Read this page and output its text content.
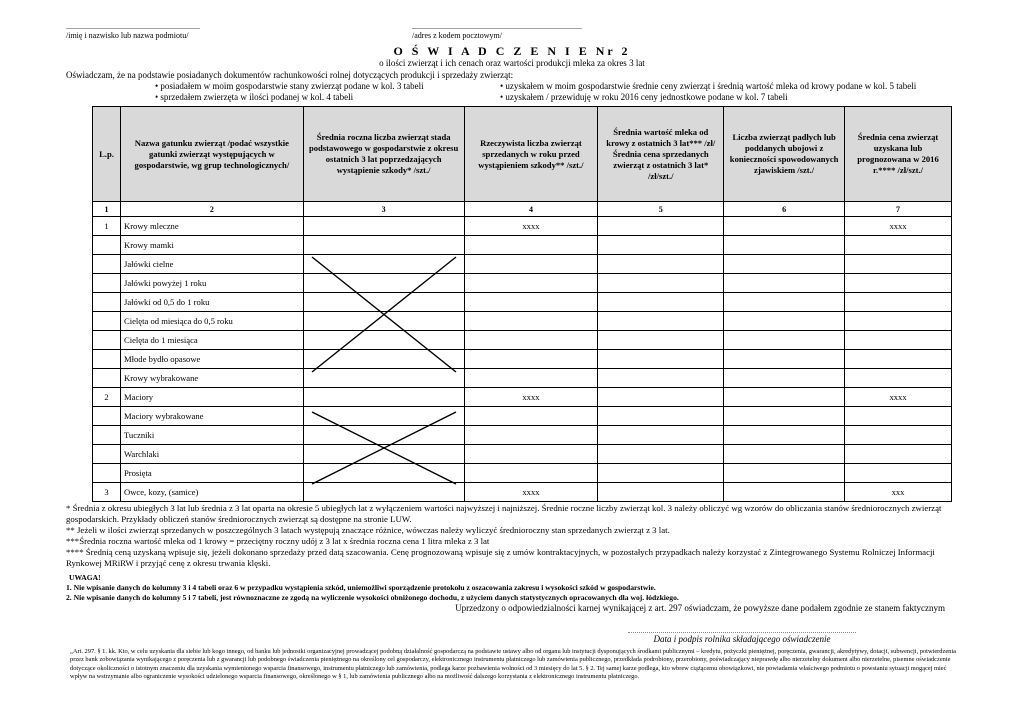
...................................................................
/imię i nazwisko lub nazwa podmiotu/
.....................................................................................
/adres z kodem pocztowym/
O Ś W I A D C Z E N I E Nr 2
o ilości zwierząt i ich cenach oraz wartości produkcji mleka za okres 3 lat
Oświadczam, że na podstawie posiadanych dokumentów rachunkowości rolnej dotyczących produkcji i sprzedaży zwierząt:
• posiadałem w moim gospodarstwie stany zwierząt podane w kol. 3 tabeli
• sprzedałem zwierzęta w ilości podanej w kol. 4 tabeli
• uzyskałem w moim gospodarstwie średnie ceny zwierząt i średnią wartość mleka od krowy podane w kol. 5 tabeli
• uzyskałem / przewiduję w roku 2016 ceny jednostkowe podane w kol. 7 tabeli
L.p.	Nazwa gatunku zwierząt /podać wszystkie gatunki zwierząt występujących w gospodarstwie, wg grup technologicznych/	Średnia roczna liczba zwierząt stada podstawowego w gospodarstwie z okresu ostatnich 3 lat poprzedzających wystąpienie szkody* /szt./	Rzeczywista liczba zwierząt sprzedanych w roku przed wystąpieniem szkody** /szt./	Średnia wartość mleka od krowy z ostatnich 3 lat*** /zł/ Średnia cena sprzedanych zwierząt z ostatnich 3 lat* /zł/szt./	Liczba zwierząt padłych lub poddanych ubojowi z konieczności spowodowanych zjawiskiem /szt./	Średnia cena zwierząt uzyskana lub prognozowana w 2016 r.**** /zł/szt./
1	2	3	4	5	6	7
1	Krowy mleczne		xxxx			xxxx
	Krowy mamki					
	Jałówki cielne					
	Jałówki powyżej 1 roku					
	Jałówki od 0,5 do 1 roku					
	Cielęta od miesiąca do 0,5 roku					
	Cielęta do 1 miesiąca					
	Młode bydło opasowe					
	Krowy wybrakowane					
2	Maciory		xxxx			xxxx
	Maciory wybrakowane					
	Tuczniki					
	Warchlaki					
	Prosięta					
3	Owce, kozy, (samice)		xxxx			xxx
* Średnia z okresu ubiegłych 3 lat lub średnia z 3 lat oparta na okresie 5 ubiegłych lat z wyłączeniem wartości najwyższej i najniższej. Średnie roczne liczby zwierząt kol. 3 należy obliczyć wg wzorów do obliczania stanów średniorocznych zwierząt gospodarskich. Przykłady obliczeń stanów średniorocznych zwierząt są dostępne na stronie LUW.
** Jeżeli w ilości zwierząt sprzedanych w poszczególnych 3 latach występują znaczące różnice, wówczas należy wyliczyć średnioroczny stan sprzedanych zwierząt z 3 lat.
***Średnia roczna wartość mleka od 1 krowy = przeciętny roczny udój z 3 lat x średnia roczna cena 1 litra mleka z 3 lat
**** Średnią ceną uzyskaną wpisuje się, jeżeli dokonano sprzedaży przed datą szacowania. Cenę prognozowaną wpisuje się z umów kontraktacyjnych, w pozostałych przypadkach należy korzystać z Zintegrowanego Systemu Rolniczej Informacji Rynkowej MRiRW i przyjąć cenę z okresu trwania klęski.
UWAGA!
1. Nie wpisanie danych do kolumny 3 i 4 tabeli oraz 6 w przypadku wystąpienia szkód, uniemożliwi sporządzenie protokołu z oszacowania zakresu i wysokości szkód w gospodarstwie.
2. Nie wpisanie danych do kolumny 5 i 7 tabeli, jest równoznaczne ze zgodą na wyliczenie wysokości obniżonego dochodu, z użyciem danych statystycznych opracowanych dla woj. łódzkiego.
Uprzedzony o odpowiedzialności karnej wynikającej z art. 297 oświadczam, że powyższe dane podałem zgodnie ze stanem faktycznym
Data i podpis rolnika składającego oświadczenie
„Art. 297. § 1. kk. Kto, w celu uzyskania dla siebie lub kogo innego, od banku lub jednostki organizacyjnej prowadzącej podobną działalność gospodarczą na podstawie ustawy albo od organu lub instytucji dysponujących środkami publicznymi – kredytu, pożyczki pieniężnej, poręczenia, gwarancji, akredytywy, dotacji, subwencji, potwierdzenia przez bank zobowiązania wynikającego z poręczenia lub z gwarancji lub podobnego świadczenia pieniężnego na określony cel gospodarczy, elektronicznego instrumentu płatniczego lub zamówienia publicznego, przedkłada podrobiony, przerobiony, poświadczający nieprawdę albo nierzetelny dokument albo nierzetelne, pisemne oświadczenie dotyczące okoliczności o istotnym znaczeniu dla uzyskania wymienionego wsparcia finansowego, instrumentu płatniczego lub zamówienia, podlega karze pozbawienia wolności od 3 miesięcy do lat 5. § 2. Tej samej karze podlega, kto wbrew ciążącemu obowiązkowi, nie powiadamia właściwego podmiotu o powstaniu sytuacji mogącej mieć wpływ na wstrzymanie albo ograniczenie wysokości udzielonego wsparcia finansowego, określonego w § 1, lub zamówienia publicznego albo na możliwość dalszego korzystania z elektronicznego instrumentu płatniczego.
